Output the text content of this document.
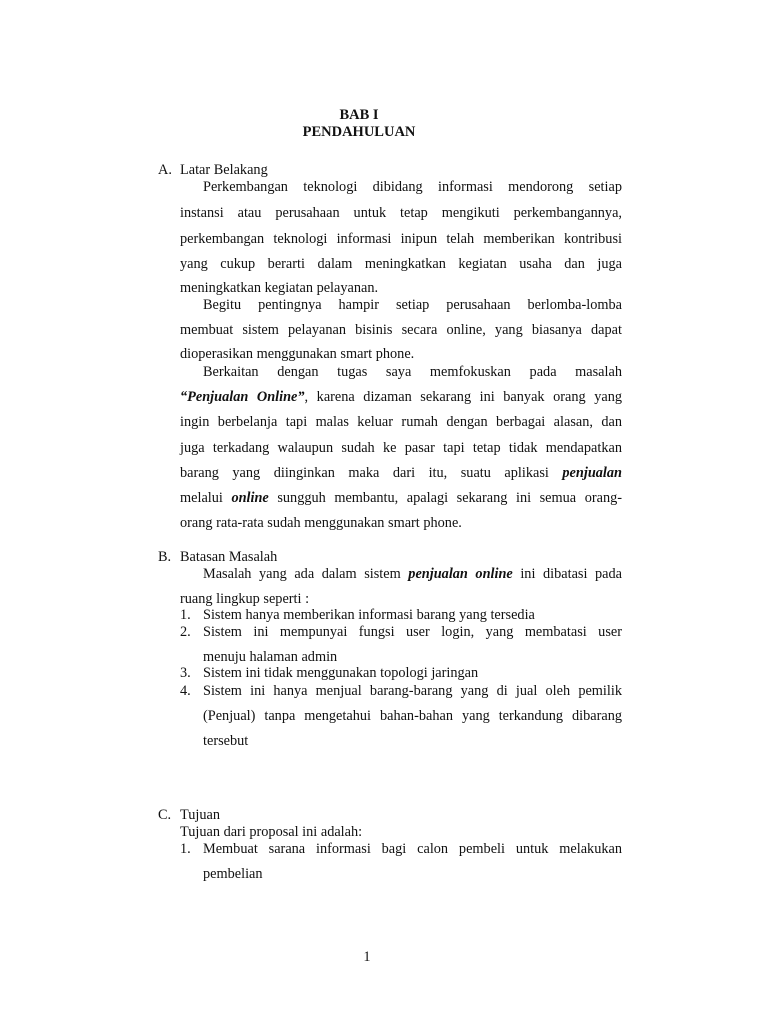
BAB I
PENDAHULUAN
A. Latar Belakang
Perkembangan teknologi dibidang informasi mendorong setiap
instansi atau perusahaan untuk tetap mengikuti perkembangannya,
perkembangan teknologi informasi inipun telah memberikan kontribusi
yang cukup berarti dalam meningkatkan kegiatan usaha dan juga
meningkatkan kegiatan pelayanan.
Begitu pentingnya hampir setiap perusahaan berlomba-lomba
membuat sistem pelayanan bisinis secara online, yang biasanya dapat
dioperasikan menggunakan smart phone.
Berkaitan dengan tugas saya memfokuskan pada masalah
“Penjualan Online”, karena dizaman sekarang ini banyak orang yang
ingin berbelanja tapi malas keluar rumah dengan berbagai alasan, dan
juga terkadang walaupun sudah ke pasar tapi tetap tidak mendapatkan
barang yang diinginkan maka dari itu, suatu aplikasi penjualan
melalui online sungguh membantu, apalagi sekarang ini semua orang-
orang rata-rata sudah menggunakan smart phone.
B. Batasan Masalah
Masalah yang ada dalam sistem penjualan online ini dibatasi pada
ruang lingkup seperti :
1. Sistem hanya memberikan informasi barang yang tersedia
2. Sistem ini mempunyai fungsi user login, yang membatasi user
menuju halaman admin
3. Sistem ini tidak menggunakan topologi jaringan
4. Sistem ini hanya menjual barang-barang yang di jual oleh pemilik
(Penjual) tanpa mengetahui bahan-bahan yang terkandung dibarang
tersebut
C. Tujuan
Tujuan dari proposal ini adalah:
1. Membuat sarana informasi bagi calon pembeli untuk melakukan
pembelian
1
